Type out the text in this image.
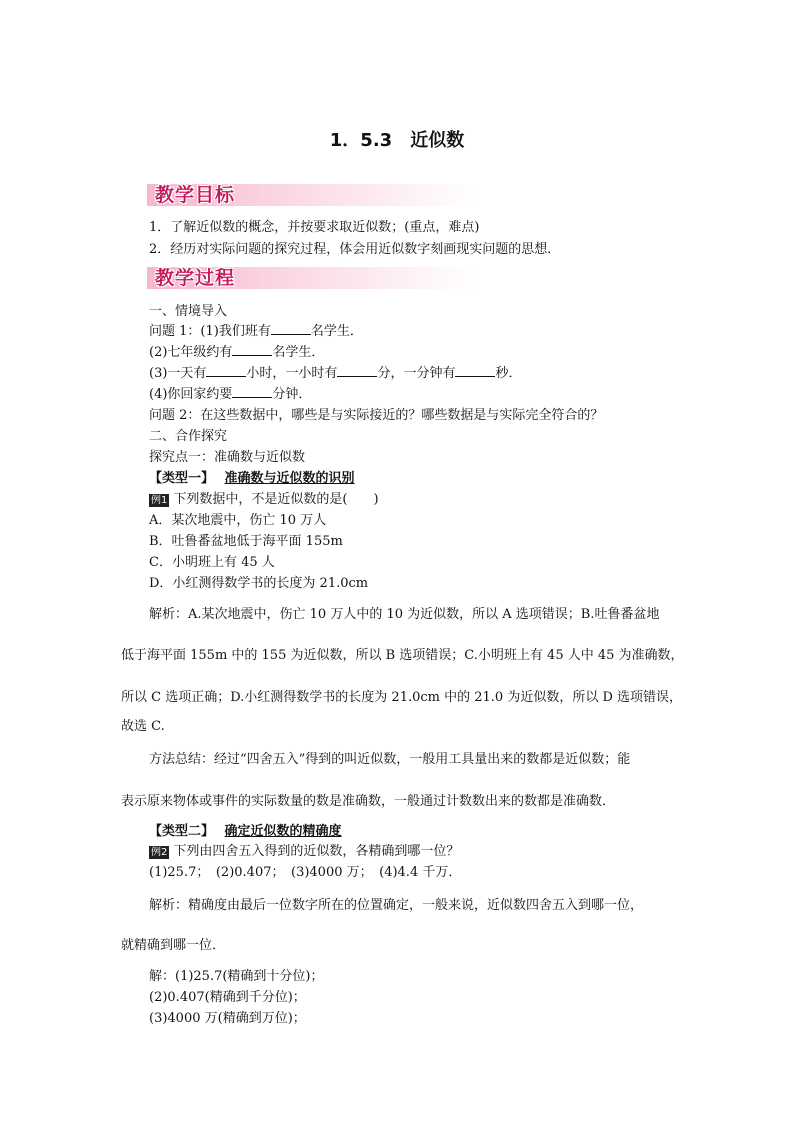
1．5.3　近似数
教学目标
1．了解近似数的概念，并按要求取近似数；(重点，难点)
2．经历对实际问题的探究过程，体会用近似数字刻画现实问题的思想．
教学过程
一、情境导入
问题 1：(1)我们班有	名学生．
(2)七年级约有	名学生．
(3)一天有	小时，一小时有	分，一分钟有	秒．
(4)你回家约要	分钟．
问题 2：在这些数据中，哪些是与实际接近的？哪些数据是与实际完全符合的？
二、合作探究
探究点一：准确数与近似数
【类型一】 准确数与近似数的识别
例1 下列数据中，不是近似数的是(　　)
A．某次地震中，伤亡 10 万人
B．吐鲁番盆地低于海平面 155m
C．小明班上有 45 人
D．小红测得数学书的长度为 21.0cm
解析：A.某次地震中，伤亡 10 万人中的 10 为近似数，所以 A 选项错误；B.吐鲁番盆地
低于海平面 155m 中的 155 为近似数，所以 B 选项错误；C.小明班上有 45 人中 45 为准确数，
所以 C 选项正确；D.小红测得数学书的长度为 21.0cm 中的 21.0 为近似数，所以 D 选项错误，
故选 C.
方法总结：经过“四舍五入”得到的叫近似数，一般用工具量出来的数都是近似数；能
表示原来物体或事件的实际数量的数是准确数，一般通过计数数出来的数都是准确数．
【类型二】 确定近似数的精确度
例2 下列由四舍五入得到的近似数，各精确到哪一位？
(1)25.7；　(2)0.407；　(3)4000 万；　(4)4.4 千万．
解析：精确度由最后一位数字所在的位置确定，一般来说，近似数四舍五入到哪一位，
就精确到哪一位．
解：(1)25.7(精确到十分位)；
(2)0.407(精确到千分位)；
(3)4000 万(精确到万位)；
